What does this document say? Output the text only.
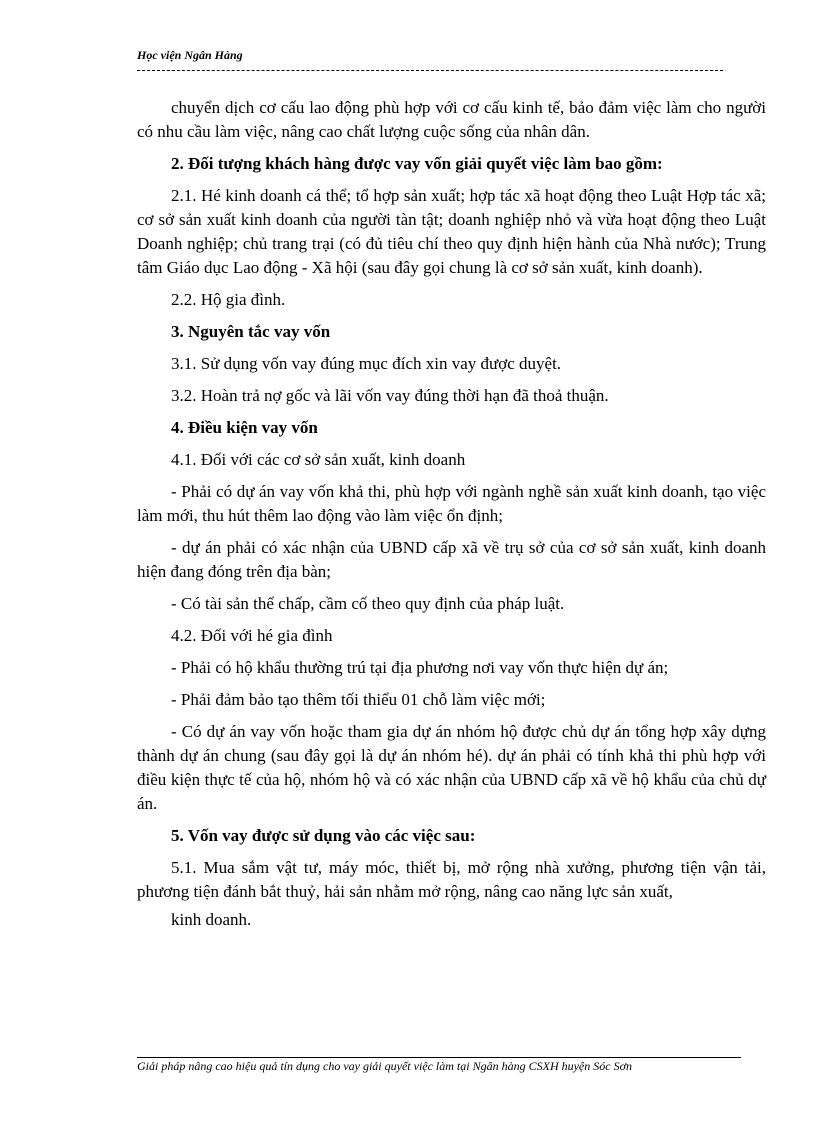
Học viện Ngân Hàng

chuyển dịch cơ cấu lao động phù hợp với cơ cấu kinh tế, bảo đảm việc làm cho người có nhu cầu làm việc, nâng cao chất lượng cuộc sống của nhân dân.

2. Đối tượng khách hàng được vay vốn giải quyết việc làm bao gồm:

2.1. Hé kinh doanh cá thể; tổ hợp sản xuất; hợp tác xã hoạt động theo Luật Hợp tác xã; cơ sở sản xuất kinh doanh của người tàn tật; doanh nghiệp nhỏ và vừa hoạt động theo Luật Doanh nghiệp; chủ trang trại (có đủ tiêu chí theo quy định hiện hành của Nhà nước); Trung tâm Giáo dục Lao động - Xã hội (sau đây gọi chung là cơ sở sản xuất, kinh doanh).

2.2. Hộ gia đình.

3. Nguyên tắc vay vốn

3.1. Sử dụng vốn vay đúng mục đích xin vay được duyệt.

3.2. Hoàn trả nợ gốc và lãi vốn vay đúng thời hạn đã thoả thuận.

4. Điều kiện vay vốn

4.1. Đối với các cơ sở sản xuất, kinh doanh

- Phải có dự án vay vốn khả thi, phù hợp với ngành nghề sản xuất kinh doanh, tạo việc làm mới, thu hút thêm lao động vào làm việc ổn định;

- dự án phải có xác nhận của UBND cấp xã về trụ sở của cơ sở sản xuất, kinh doanh hiện đang đóng trên địa bàn;

- Có tài sản thế chấp, cầm cố theo quy định của pháp luật.

4.2. Đối với hé gia đình

- Phải có hộ khẩu thường trú tại địa phương nơi vay vốn thực hiện dự án;

- Phải đảm bảo tạo thêm tối thiểu 01 chỗ làm việc mới;

- Có dự án vay vốn hoặc tham gia dự án nhóm hộ được chủ dự án tổng hợp xây dựng thành dự án chung (sau đây gọi là dự án nhóm hé). dự án phải có tính khả thi phù hợp với điều kiện thực tế của hộ, nhóm hộ và có xác nhận của UBND cấp xã về hộ khẩu của chủ dự án.

5. Vốn vay được sử dụng vào các việc sau:

5.1. Mua sắm vật tư, máy móc, thiết bị, mở rộng nhà xưởng, phương tiện vận tải, phương tiện đánh bắt thuỷ, hải sản nhằm mở rộng, nâng cao năng lực sản xuất,

kinh doanh.

Giải pháp nâng cao hiệu quả tín dụng cho vay giải quyết việc làm tại Ngân hàng CSXH huyện Sóc Sơn
